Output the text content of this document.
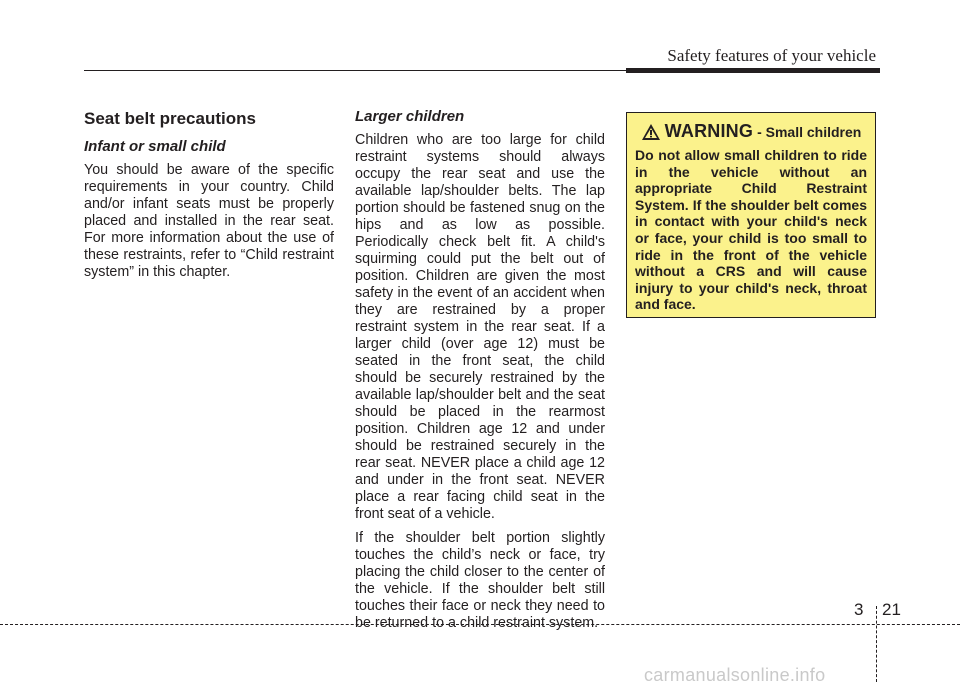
Safety features of your vehicle
Seat belt precautions
Infant or small child

You should be aware of the specific requirements in your country. Child and/or infant seats must be properly placed and installed in the rear seat. For more information about the use of these restraints, refer to “Child restraint system” in this chapter.

Larger children

Children who are too large for child restraint systems should always occupy the rear seat and use the available lap/shoulder belts. The lap portion should be fastened snug on the hips and as low as possible. Periodically check belt fit. A child's squirming could put the belt out of position. Children are given the most safety in the event of an accident when they are restrained by a proper restraint system in the rear seat. If a larger child (over age 12) must be seated in the front seat, the child should be securely restrained by the available lap/shoulder belt and the seat should be placed in the rearmost position. Children age 12 and under should be restrained securely in the rear seat. NEVER place a child age 12 and under in the front seat. NEVER place a rear facing child seat in the front seat of a vehicle.

If the shoulder belt portion slightly touches the child’s neck or face, try placing the child closer to the center of the vehicle. If the shoulder belt still touches their face or neck they need to be returned to a child restraint system.

WARNING - Small children

Do not allow small children to ride in the vehicle without an appropriate Child Restraint System. If the shoulder belt comes in contact with your child's neck or face, your child is too small to ride in the front of the vehicle without a CRS and will cause injury to your child's neck, throat and face.

3 21
carmanualsonline.info
